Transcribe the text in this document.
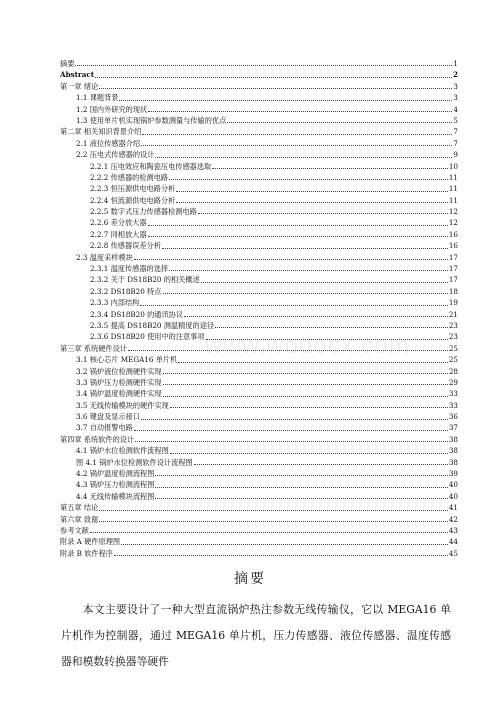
摘要	1
Abstract	2
第一章 绪论	3
1.1 课题背景	3
1.2 国内外研究的现状	4
1.3 使用单片机实现锅炉参数测量与传输的优点	5
第二章 相关知识背景介绍	7
2.1 液位传感器介绍	7
2.2 压电式传感器的设计	9
2.2.1 压电效应和陶瓷压电传感器选取	10
2.2.2 传感器的检测电路	11
2.2.3 恒压源供电电路分析	11
2.2.4 恒流源供电电路分析	11
2.2.5 数字式压力传感器检测电路	12
2.2.6 差分放大器	12
2.2.7 同相放大器	16
2.2.8 传感器误差分析	16
2.3 温度采样模块	17
2.3.1 温度传感器的选择	17
2.3.2 关于 DS18B20 的相关概述	17
2.3.2 DS18B20 特点	18
2.3.3 内部结构	19
2.3.4 DS18B20 的通讯协议	21
2.3.5 提高 DS18B20 测温精度的途径	23
2.3.6 DS18B20 使用中的注意事项	23
第三章 系统硬件设计	25
3.1 核心芯片 MEGA16 单片机	25
3.2 锅炉液位检测硬件实现	28
3.3 锅炉压力检测硬件实现	29
3.4 锅炉温度检测硬件实现	33
3.5 无线传输模块的硬件实现	33
3.6 键盘及显示接口	36
3.7 自动报警电路	37
第四章 系统软件的设计	38
4.1 锅炉水位检测软件流程图	38
图 4.1 锅炉水位检测软件设计流程图	38
4.2 锅炉温度检测流程图	39
4.3 锅炉压力检测流程图	40
4.4 无线传输模块流程图	40
第五章 结论	41
第六章 致谢	42
参考文献	43
附录 A 硬件原理图	44
附录 B 软件程序	45
www.wodocx.com
摘要
本文主要设计了一种大型直流锅炉热注参数无线传输仪，它以 MEGA16 单片机作为控制器，通过 MEGA16 单片机，压力传感器、液位传感器、温度传感器和模数转换器等硬件
